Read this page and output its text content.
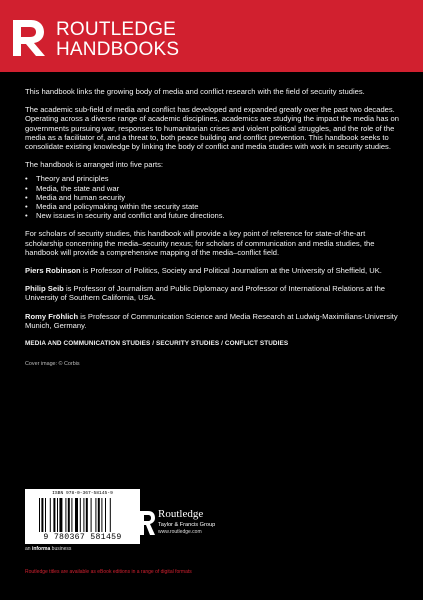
ROUTLEDGE
HANDBOOKS

This handbook links the growing body of media and conflict research with the field of security studies.

The academic sub-field of media and conflict has developed and expanded greatly over the past two decades. Operating across a diverse range of academic disciplines, academics are studying the impact the media has on governments pursuing war, responses to humanitarian crises and violent political struggles, and the role of the media as a facilitator of, and a threat to, both peace building and conflict prevention. This handbook seeks to consolidate existing knowledge by linking the body of conflict and media studies with work in security studies.

The handbook is arranged into five parts:

• Theory and principles
• Media, the state and war
• Media and human security
• Media and policymaking within the security state
• New issues in security and conflict and future directions.

For scholars of security studies, this handbook will provide a key point of reference for state-of-the-art scholarship concerning the media–security nexus; for scholars of communication and media studies, the handbook will provide a comprehensive mapping of the media–conflict field.

Piers Robinson is Professor of Politics, Society and Political Journalism at the University of Sheffield, UK.

Philip Seib is Professor of Journalism and Public Diplomacy and Professor of International Relations at the University of Southern California, USA.

Romy Fröhlich is Professor of Communication Science and Media Research at Ludwig-Maximilians-University Munich, Germany.

MEDIA AND COMMUNICATION STUDIES / SECURITY STUDIES / CONFLICT STUDIES
Cover image: © Corbis
ISBN 978-0-367-58145-9
9 780367 581459
an informa business
Routledge
Taylor & Francis Group
www.routledge.com
Routledge titles are available as eBook editions in a range of digital formats
